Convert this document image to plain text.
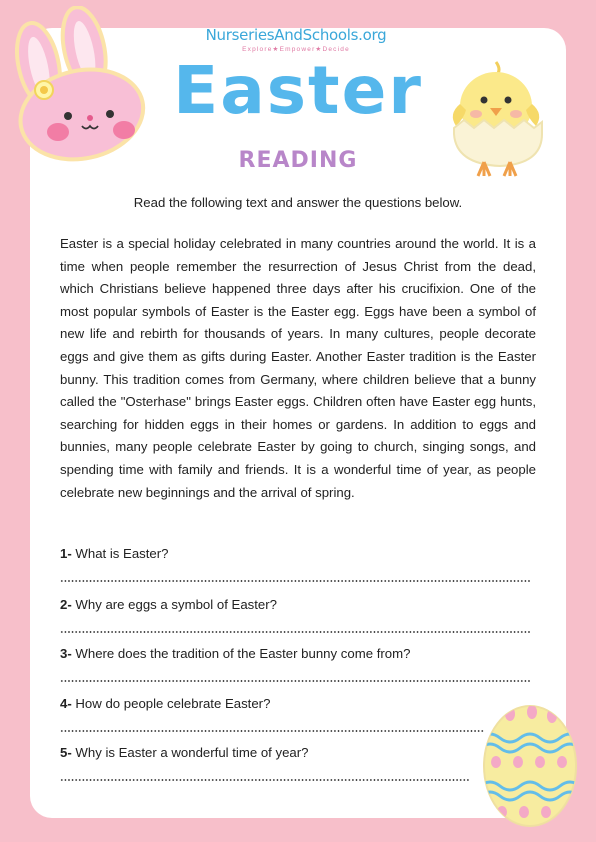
NurseriesAndSchools.org
Explore★Empower★Decide
Easter
READING
Read the following text and answer the questions below.

Easter is a special holiday celebrated in many countries around the world. It is a time when people remember the resurrection of Jesus Christ from the dead, which Christians believe happened three days after his crucifixion. One of the most popular symbols of Easter is the Easter egg. Eggs have been a symbol of new life and rebirth for thousands of years. In many cultures, people decorate eggs and give them as gifts during Easter. Another Easter tradition is the Easter bunny. This tradition comes from Germany, where children believe that a bunny called the "Osterhase" brings Easter eggs. Children often have Easter egg hunts, searching for hidden eggs in their homes or gardens. In addition to eggs and bunnies, many people celebrate Easter by going to church, singing songs, and spending time with family and friends. It is a wonderful time of year, as people celebrate new beginnings and the arrival of spring.

1- What is Easter?
2- Why are eggs a symbol of Easter?
3- Where does the tradition of the Easter bunny come from?
4- How do people celebrate Easter?
5- Why is Easter a wonderful time of year?
